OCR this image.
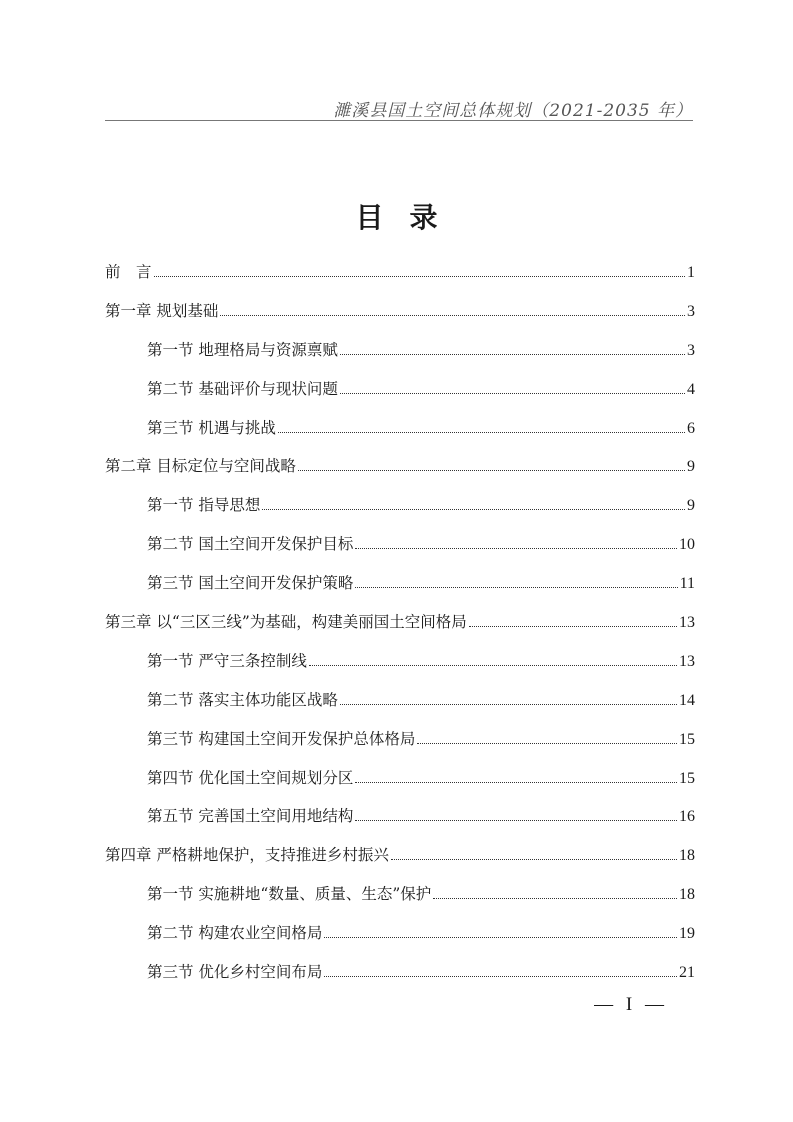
濉溪县国土空间总体规划（2021-2035 年）
目录
前　言	1
第一章 规划基础	3
第一节 地理格局与资源禀赋	3
第二节 基础评价与现状问题	4
第三节 机遇与挑战	6
第二章 目标定位与空间战略	9
第一节 指导思想	9
第二节 国土空间开发保护目标	10
第三节 国土空间开发保护策略	11
第三章 以“三区三线”为基础，构建美丽国土空间格局	13
第一节 严守三条控制线	13
第二节 落实主体功能区战略	14
第三节 构建国土空间开发保护总体格局	15
第四节 优化国土空间规划分区	15
第五节 完善国土空间用地结构	16
第四章 严格耕地保护，支持推进乡村振兴	18
第一节 实施耕地“数量、质量、生态”保护	18
第二节 构建农业空间格局	19
第三节 优化乡村空间布局	21
— I —
